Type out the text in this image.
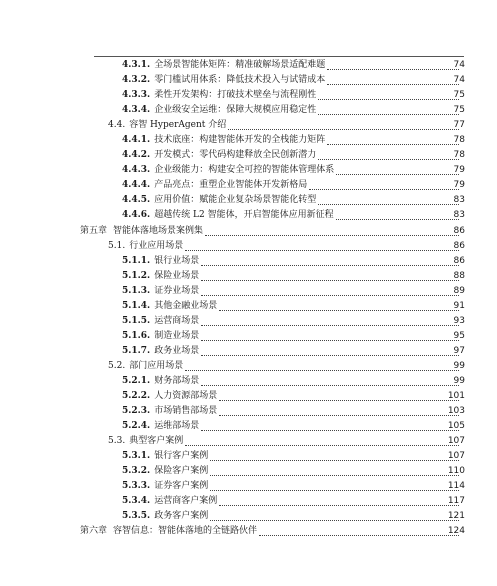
4.3.1. 全场景智能体矩阵：精准破解场景适配难题	74
4.3.2. 零门槛试用体系：降低技术投入与试错成本	74
4.3.3. 柔性开发架构：打破技术壁垒与流程刚性	75
4.3.4. 企业级安全运维：保障大规模应用稳定性	75
4.4. 容智 HyperAgent 介绍	77
4.4.1. 技术底座：构建智能体开发的全栈能力矩阵	78
4.4.2. 开发模式：零代码构建释放全民创新潜力	78
4.4.3. 企业级能力：构建安全可控的智能体管理体系	79
4.4.4. 产品亮点：重塑企业智能体开发新格局	79
4.4.5. 应用价值：赋能企业复杂场景智能化转型	83
4.4.6. 超越传统 L2 智能体，开启智能体应用新征程	83
第五章 智能体落地场景案例集	86
5.1. 行业应用场景	86
5.1.1. 银行业场景	86
5.1.2. 保险业场景	88
5.1.3. 证券业场景	89
5.1.4. 其他金融业场景	91
5.1.5. 运营商场景	93
5.1.6. 制造业场景	95
5.1.7. 政务业场景	97
5.2. 部门应用场景	99
5.2.1. 财务部场景	99
5.2.2. 人力资源部场景	101
5.2.3. 市场销售部场景	103
5.2.4. 运维部场景	105
5.3. 典型客户案例	107
5.3.1. 银行客户案例	107
5.3.2. 保险客户案例	110
5.3.3. 证券客户案例	114
5.3.4. 运营商客户案例	117
5.3.5. 政务客户案例	121
第六章 容智信息：智能体落地的全链路伙伴	124
